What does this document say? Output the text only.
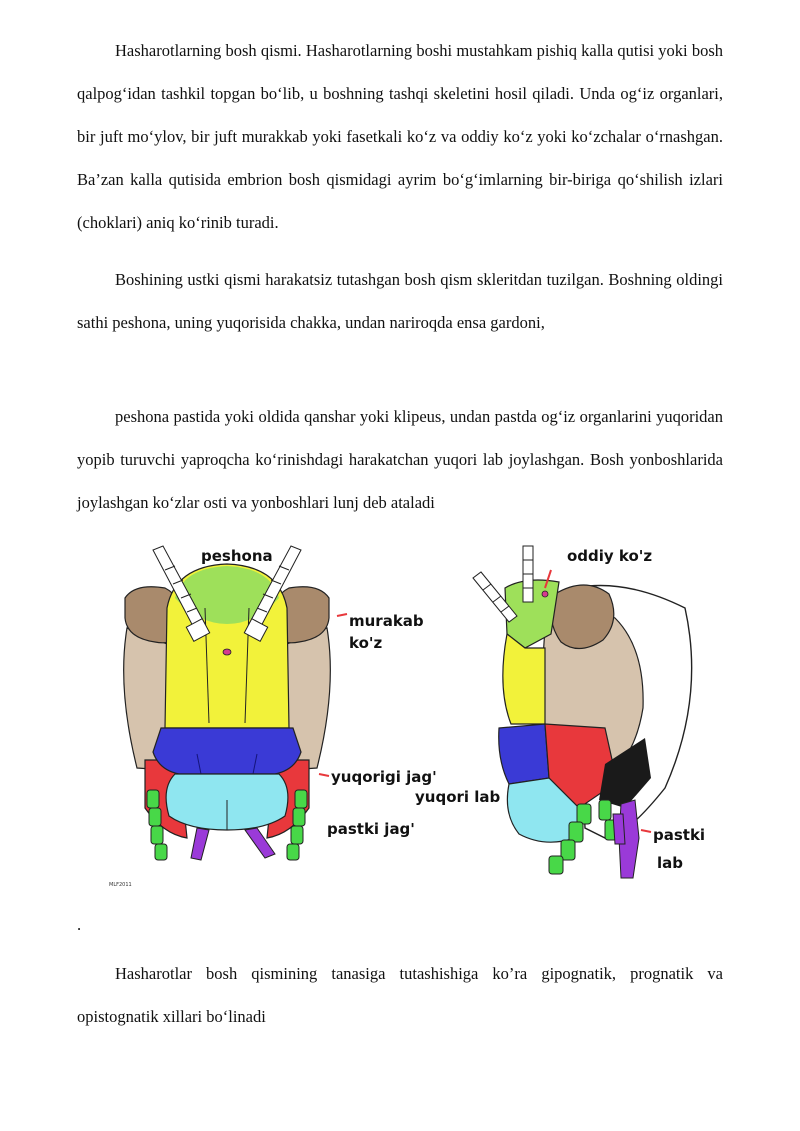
Hasharotlarning bosh qismi. Hasharotlarning boshi mustahkam pishiq kalla qutisi yoki bosh qalpog‘idan tashkil topgan bo‘lib, u boshning tashqi skeletini hosil qiladi. Unda og‘iz organlari, bir juft mo‘ylov, bir juft murakkab yoki fasetkali ko‘z va oddiy ko‘z yoki ko‘zchalar o‘rnashgan. Ba’zan kalla qutisida embrion bosh qismidagi ayrim bo‘g‘imlarning bir-biriga qo‘shilish izlari (choklari) aniq ko‘rinib turadi.

Boshining ustki qismi harakatsiz tutashgan bosh qism skleritdan tuzilgan. Boshning oldingi sathi peshona, uning yuqorisida chakka, undan nariroqda ensa gardoni,

peshona pastida yoki oldida qanshar yoki klipeus, undan pastda og‘iz organlarini yuqoridan yopib turuvchi yaproqcha ko‘rinishdagi harakatchan yuqori lab joylashgan. Bosh yonboshlarida joylashgan ko‘zlar osti va yonboshlari lunj deb ataladi

peshona
murakab
ko'z
yuqorigi jag'
pastki jag'
MLF2011
oddiy ko'z
yuqori lab
pastki
lab
.

Hasharotlar bosh qismining tanasiga tutashishiga ko’ra gipognatik, prognatik va opistognatik xillari bo‘linadi
